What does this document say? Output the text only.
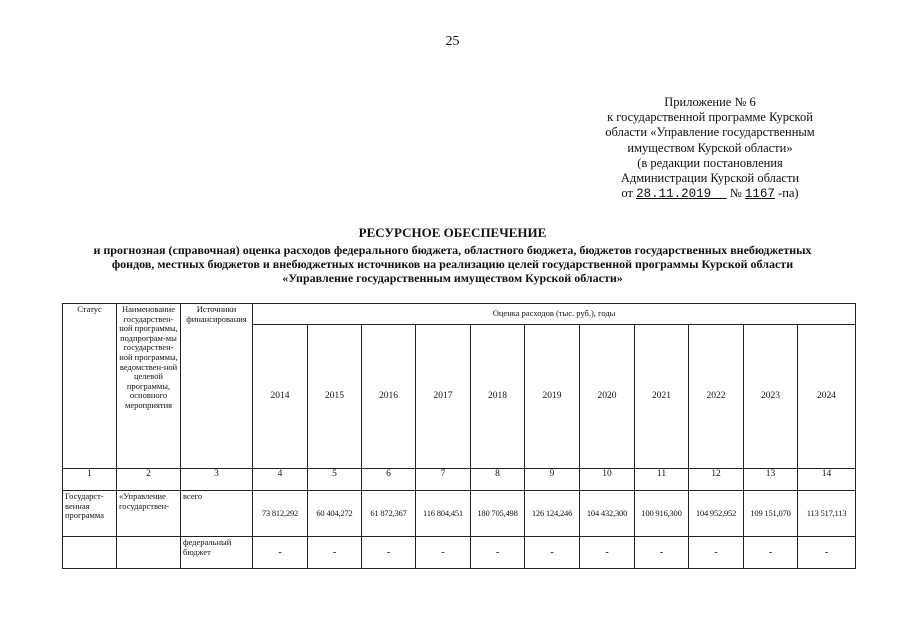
25
Приложение № 6
к государственной программе Курской
области «Управление государственным
имуществом Курской области»
(в редакции постановления
Администрации Курской области
от 28.11.2019 № 1167 -па)
РЕСУРСНОЕ ОБЕСПЕЧЕНИЕ
и прогнозная (справочная) оценка расходов федерального бюджета, областного бюджета, бюджетов государственных внебюджетных
фондов, местных бюджетов и внебюджетных источников на реализацию целей государственной программы Курской области
«Управление государственным имуществом Курской области»
Статус	Наименование государствен-ной программы, подпрограм-мы государствен-ной программы, ведомствен-ной целевой программы, основного мероприятия	Источники финансирования	Оценка расходов (тыс. руб.), годы										
			2014	2015	2016	2017	2018	2019	2020	2021	2022	2023	2024
1	2	3	4	5	6	7	8	9	10	11	12	13	14
Государст-венная программа	«Управление государствен-	всего	73 812,292	60 404,272	61 872,367	116 804,451	180 705,498	126 124,246	104 432,300	100 916,300	104 952,952	109 151,070	113 517,113
		федеральный бюджет	-	-	-	-	-	-	-	-	-	-	-
